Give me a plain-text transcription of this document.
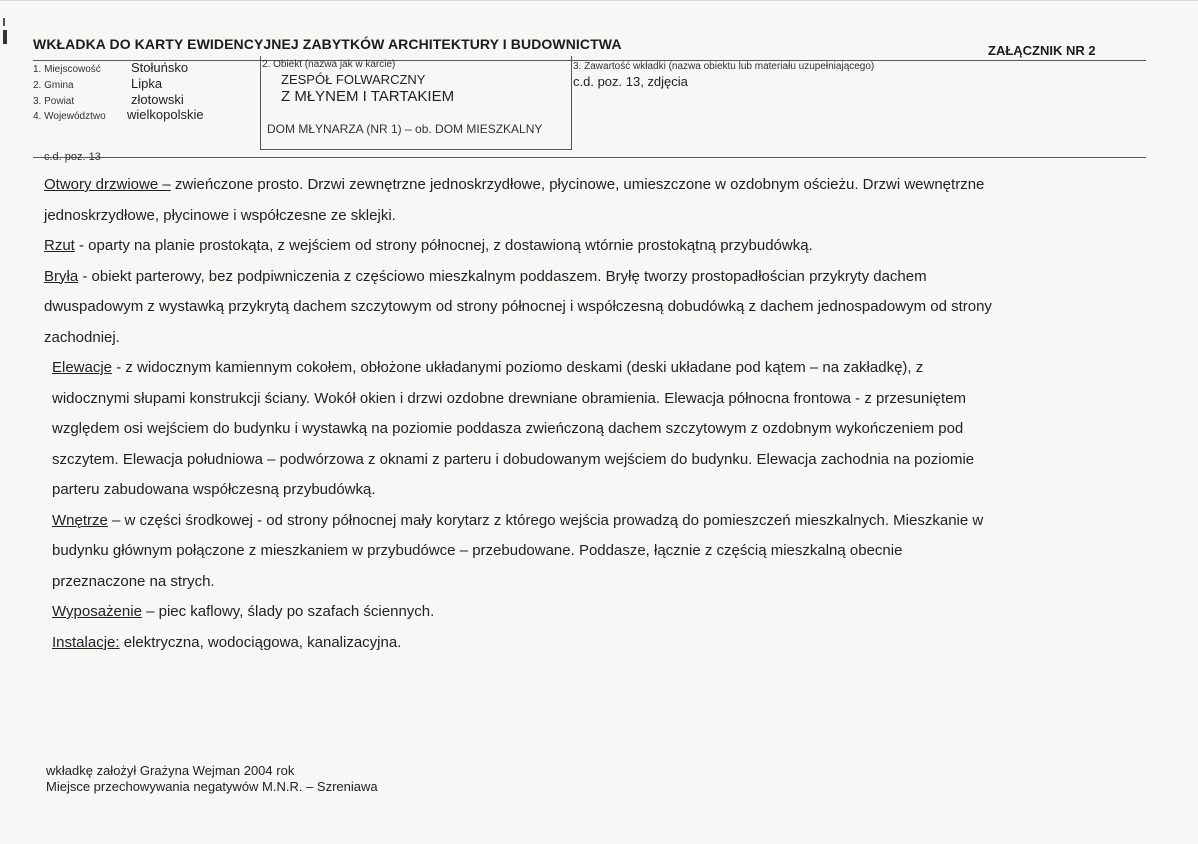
WKŁADKA DO KARTY EWIDENCYJNEJ ZABYTKÓW ARCHITEKTURY I BUDOWNICTWA	ZAŁĄCZNIK NR 2
1. Miejscowość Stołuńsko
2. Gmina	Lipka
3. Powiat	złotowski
4. Województwo wielkopolskie
2. Obiekt (nazwa jak w karcie)
ZESPÓŁ FOLWARCZNY
Z MŁYNEM I TARTAKIEM
DOM MŁYNARZA (NR 1) – ob. DOM MIESZKALNY
3. Zawartość wkładki (nazwa obiektu lub materiału uzupełniającego)
c.d. poz. 13, zdjęcia
c.d. poz. 13

Otwory drzwiowe – zwieńczone prosto. Drzwi zewnętrzne jednoskrzydłowe, płycinowe, umieszczone w ozdobnym ościeżu. Drzwi wewnętrzne

jednoskrzydłowe, płycinowe i współczesne ze sklejki.

Rzut - oparty na planie prostokąta, z wejściem od strony północnej, z dostawioną wtórnie prostokątną przybudówką.

Bryła - obiekt parterowy, bez podpiwniczenia z częściowo mieszkalnym poddaszem. Bryłę tworzy prostopadłościan przykryty dachem

dwuspadowym z wystawką przykrytą dachem szczytowym od strony północnej i współczesną dobudówką z dachem jednospadowym od strony

zachodniej.

Elewacje - z widocznym kamiennym cokołem, obłożone układanymi poziomo deskami (deski układane pod kątem – na zakładkę), z

widocznymi słupami konstrukcji ściany. Wokół okien i drzwi ozdobne drewniane obramienia. Elewacja północna frontowa - z przesuniętem

względem osi wejściem do budynku i wystawką na poziomie poddasza zwieńczoną dachem szczytowym z ozdobnym wykończeniem pod

szczytem. Elewacja południowa – podwórzowa z oknami z parteru i dobudowanym wejściem do budynku. Elewacja zachodnia na poziomie

parteru zabudowana współczesną przybudówką.

Wnętrze – w części środkowej - od strony północnej mały korytarz z którego wejścia prowadzą do pomieszczeń mieszkalnych. Mieszkanie w

budynku głównym połączone z mieszkaniem w przybudówce – przebudowane. Poddasze, łącznie z częścią mieszkalną obecnie

przeznaczone na strych.

Wyposażenie – piec kaflowy, ślady po szafach ściennych.

Instalacje: elektryczna, wodociągowa, kanalizacyjna.

wkładkę założył Grażyna Wejman 2004 rok
Miejsce przechowywania negatywów M.N.R. – Szreniawa
